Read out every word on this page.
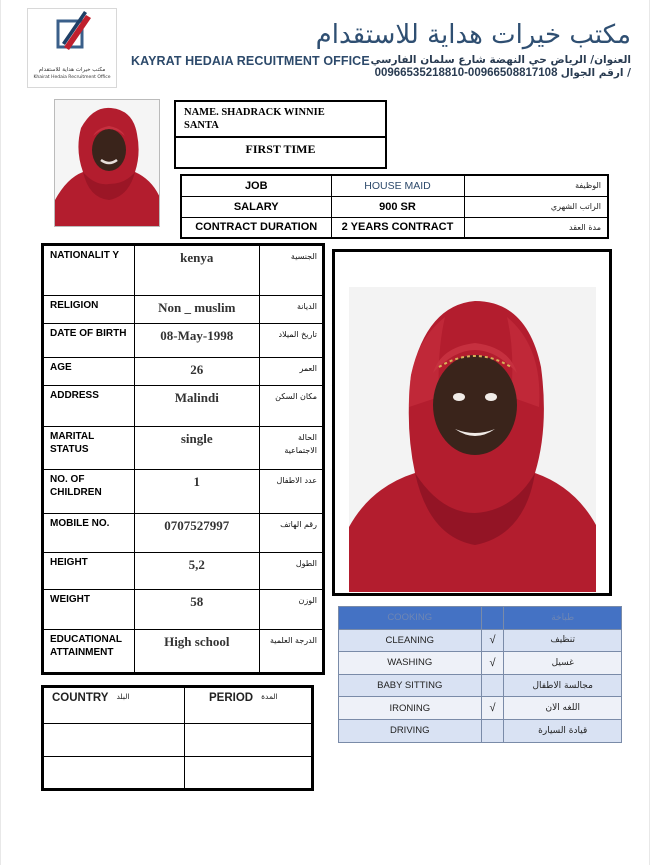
مكتب خيرات هداية للاستقدام
Khairat Hedaia Recruitment Office
KAYRAT HEDAIA RECUITMENT OFFICE
مكتب خيرات هداية للاستقدام
العنوان/ الرياض حي النهضة شارع سلمان الفارسي
00966535218810-00966508817108 ارقم الجوال /
NAME. SHADRACK WINNIE
SANTA
FIRST TIME
JOB	HOUSE MAID	الوظيفة
SALARY	900 SR	الراتب الشهري
CONTRACT DURATION	2 YEARS CONTRACT	مدة العقد
NATIONALIT Y	kenya	الجنسية
RELIGION	Non _ muslim	الديانة
DATE OF BIRTH	08-May-1998	تاريخ الميلاد
AGE	26	العمر
ADDRESS	Malindi	مكان السكن
MARITAL STATUS	single	الحالة الاجتماعية
NO. OF CHILDREN	1	عدد الاطفال
MOBILE NO.	0707527997	رقم الهاتف
HEIGHT	5,2	الطول
WEIGHT	58	الوزن
EDUCATIONAL ATTAINMENT	High school	الدرجة العلمية
COOKING		طباخة
CLEANING	√	تنظيف
WASHING	√	غسيل
BABY SITTING		مجالسة الاطفال
IRONING	√	اللغه الان
DRIVING		قيادة السيارة
COUNTRY $^{البلد}$	PERIOD $^{المدة}$
